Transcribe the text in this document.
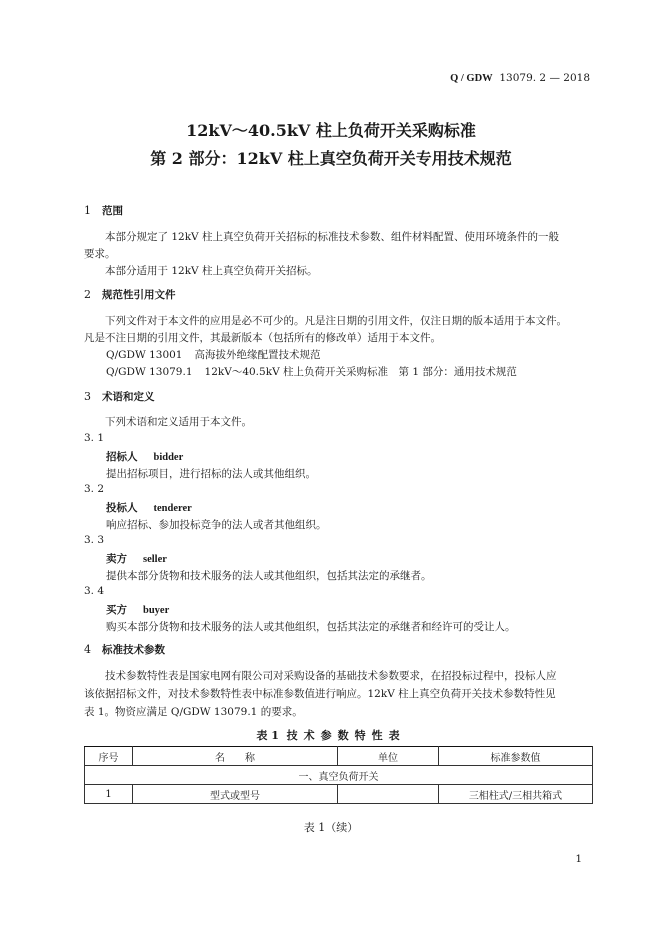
Q / GDW 13079. 2 — 2018
12kV～40.5kV 柱上负荷开关采购标准
第 2 部分：12kV 柱上真空负荷开关专用技术规范
1 范围
本部分规定了 12kV 柱上真空负荷开关招标的标准技术参数、组件材料配置、使用环境条件的一般
要求。
本部分适用于 12kV 柱上真空负荷开关招标。
2 规范性引用文件
下列文件对于本文件的应用是必不可少的。凡是注日期的引用文件，仅注日期的版本适用于本文件。
凡是不注日期的引用文件，其最新版本（包括所有的修改单）适用于本文件。
Q/GDW 13001 高海拔外绝缘配置技术规范
Q/GDW 13079.1 12kV～40.5kV 柱上负荷开关采购标准　第 1 部分：通用技术规范
3 术语和定义
下列术语和定义适用于本文件。
3. 1
招标人 bidder
提出招标项目，进行招标的法人或其他组织。
3. 2
投标人 tenderer
响应招标、参加投标竞争的法人或者其他组织。
3. 3
卖方 seller
提供本部分货物和技术服务的法人或其他组织，包括其法定的承继者。
3. 4
买方 buyer
购买本部分货物和技术服务的法人或其他组织，包括其法定的承继者和经许可的受让人。
4 标准技术参数
技术参数特性表是国家电网有限公司对采购设备的基础技术参数要求，在招投标过程中，投标人应
该依据招标文件，对技术参数特性表中标准参数值进行响应。12kV 柱上真空负荷开关技术参数特性见
表 1。物资应满足 Q/GDW 13079.1 的要求。
表 1 技术参数特性表
序号	名　　称	单位	标准参数值
一、真空负荷开关			
1	型式或型号		三相柱式/三相共箱式
表 1（续）
1
